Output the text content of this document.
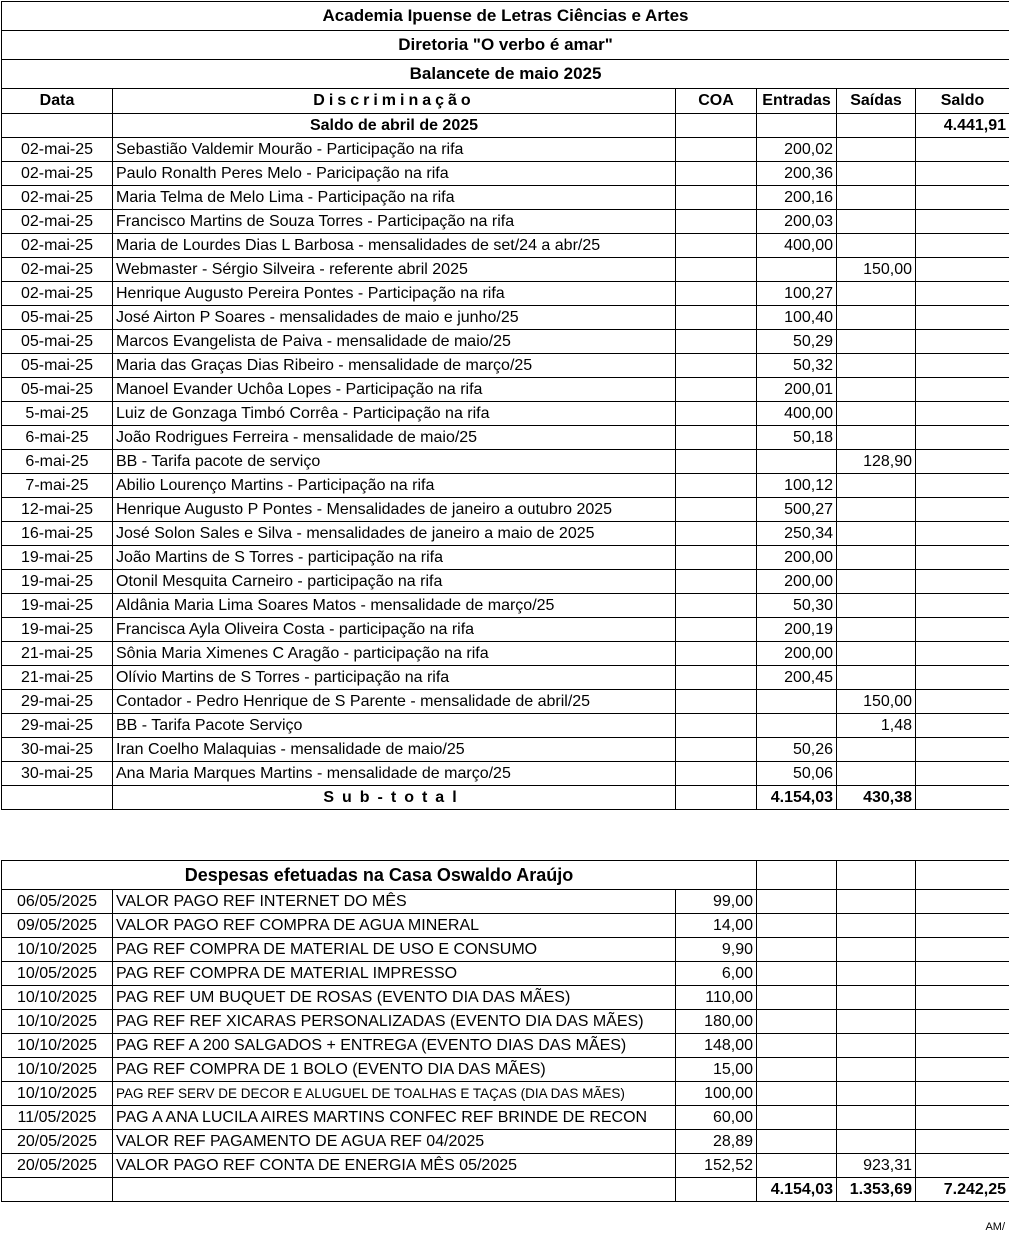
Academia Ipuense de Letras Ciências e Artes					
Diretoria "O verbo é amar"					
Balancete de maio 2025					
Data	Discriminação	COA	Entradas	Saídas	Saldo
	Saldo de abril de 2025				4.441,91
02-mai-25	Sebastião Valdemir Mourão - Participação na rifa		200,02		
02-mai-25	Paulo Ronalth Peres Melo - Paricipação na rifa		200,36		
02-mai-25	Maria Telma de Melo Lima - Participação na rifa		200,16		
02-mai-25	Francisco Martins de Souza Torres - Participação na rifa		200,03		
02-mai-25	Maria de Lourdes Dias L Barbosa - mensalidades de set/24 a abr/25		400,00		
02-mai-25	Webmaster - Sérgio Silveira - referente abril 2025			150,00	
02-mai-25	Henrique Augusto Pereira Pontes - Participação na rifa		100,27		
05-mai-25	José Airton P Soares - mensalidades de maio e junho/25		100,40		
05-mai-25	Marcos Evangelista de Paiva - mensalidade de maio/25		50,29		
05-mai-25	Maria das Graças Dias Ribeiro - mensalidade de março/25		50,32		
05-mai-25	Manoel Evander Uchôa Lopes - Participação na rifa		200,01		
5-mai-25	Luiz de Gonzaga Timbó Corrêa - Participação na rifa		400,00		
6-mai-25	João Rodrigues Ferreira - mensalidade de maio/25		50,18		
6-mai-25	BB - Tarifa pacote de serviço			128,90	
7-mai-25	Abilio Lourenço Martins - Participação na rifa		100,12		
12-mai-25	Henrique Augusto P Pontes - Mensalidades de janeiro a outubro 2025		500,27		
16-mai-25	José Solon Sales e Silva - mensalidades de janeiro a maio de 2025		250,34		
19-mai-25	João Martins de S Torres - participação na rifa		200,00		
19-mai-25	Otonil Mesquita Carneiro - participação na rifa		200,00		
19-mai-25	Aldânia Maria Lima Soares Matos - mensalidade de março/25		50,30		
19-mai-25	Francisca Ayla Oliveira Costa - participação na rifa		200,19		
21-mai-25	Sônia Maria Ximenes C Aragão - participação na rifa		200,00		
21-mai-25	Olívio Martins de S Torres - participação na rifa		200,45		
29-mai-25	Contador - Pedro Henrique de S Parente - mensalidade de abril/25			150,00	
29-mai-25	BB - Tarifa Pacote Serviço			1,48	
30-mai-25	Iran Coelho Malaquias - mensalidade de maio/25		50,26		
30-mai-25	Ana Maria Marques Martins - mensalidade de março/25		50,06		
	Sub-total		4.154,03	430,38	
Despesas efetuadas na Casa Oswaldo Araújo					
06/05/2025	VALOR PAGO REF INTERNET DO MÊS	99,00			
09/05/2025	VALOR PAGO REF COMPRA DE AGUA MINERAL	14,00			
10/10/2025	PAG REF COMPRA DE MATERIAL DE USO E CONSUMO	9,90			
10/05/2025	PAG REF COMPRA DE MATERIAL IMPRESSO	6,00			
10/10/2025	PAG REF UM BUQUET DE ROSAS (EVENTO DIA DAS MÃES)	110,00			
10/10/2025	PAG REF REF XICARAS PERSONALIZADAS (EVENTO DIA DAS MÃES)	180,00			
10/10/2025	PAG REF A 200 SALGADOS + ENTREGA (EVENTO DIAS DAS MÃES)	148,00			
10/10/2025	PAG REF COMPRA DE 1 BOLO (EVENTO DIA DAS MÃES)	15,00			
10/10/2025	PAG REF SERV DE DECOR E ALUGUEL DE TOALHAS E TAÇAS (DIA DAS MÃES)	100,00			
11/05/2025	PAG A ANA LUCILA AIRES MARTINS CONFEC REF BRINDE DE RECON	60,00			
20/05/2025	VALOR REF PAGAMENTO DE AGUA REF 04/2025	28,89			
20/05/2025	VALOR PAGO REF CONTA DE ENERGIA MÊS 05/2025	152,52		923,31	
			4.154,03	1.353,69	7.242,25
AM/
